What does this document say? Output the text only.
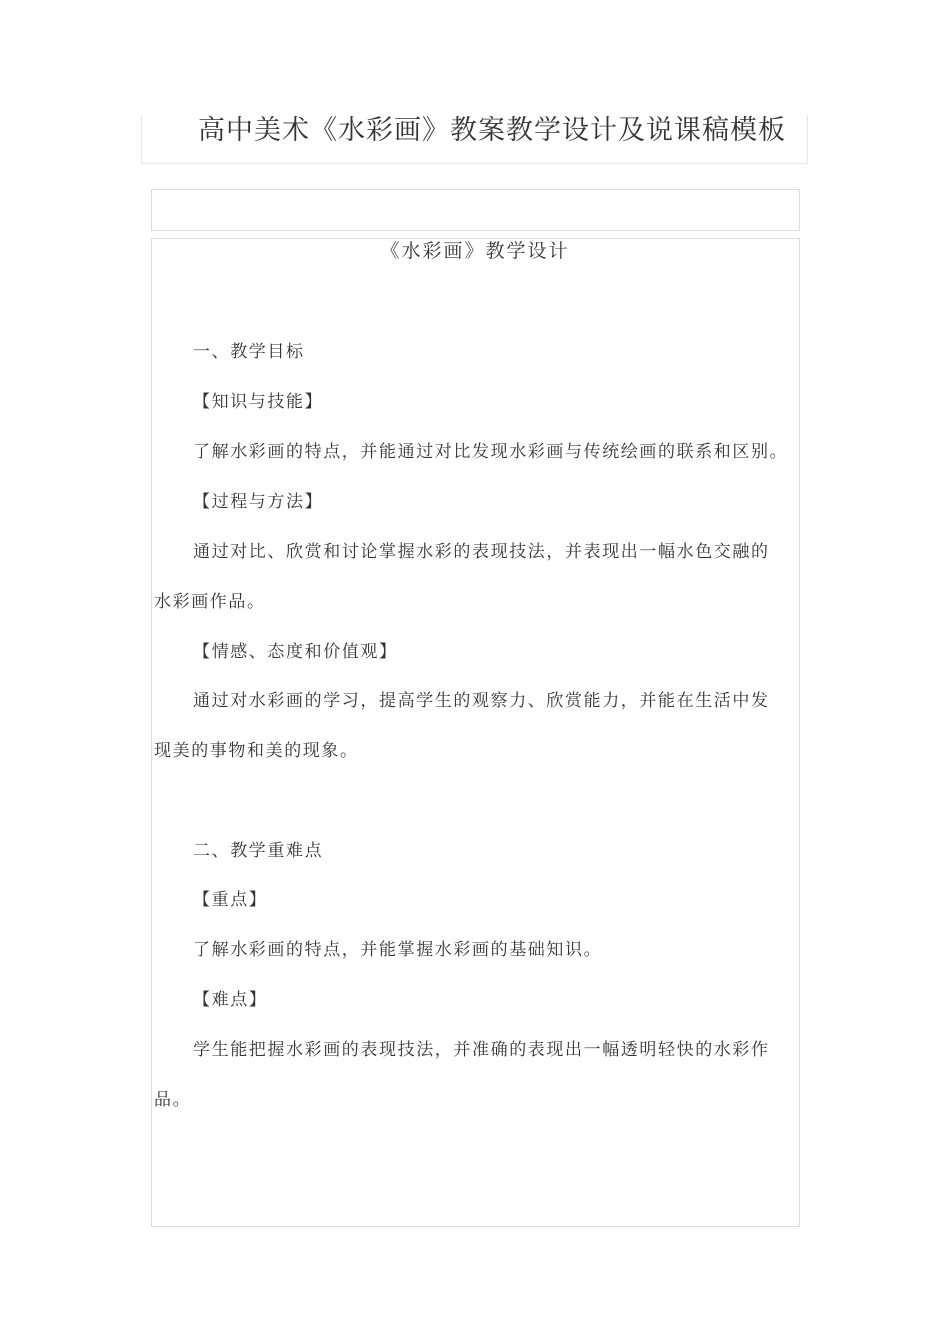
高中美术《水彩画》教案教学设计及说课稿模板
《水彩画》教学设计
一、教学目标
【知识与技能】
了解水彩画的特点，并能通过对比发现水彩画与传统绘画的联系和区别。
【过程与方法】
通过对比、欣赏和讨论掌握水彩的表现技法，并表现出一幅水色交融的
水彩画作品。
【情感、态度和价值观】
通过对水彩画的学习，提高学生的观察力、欣赏能力，并能在生活中发
现美的事物和美的现象。
二、教学重难点
【重点】
了解水彩画的特点，并能掌握水彩画的基础知识。
【难点】
学生能把握水彩画的表现技法，并准确的表现出一幅透明轻快的水彩作
品。
